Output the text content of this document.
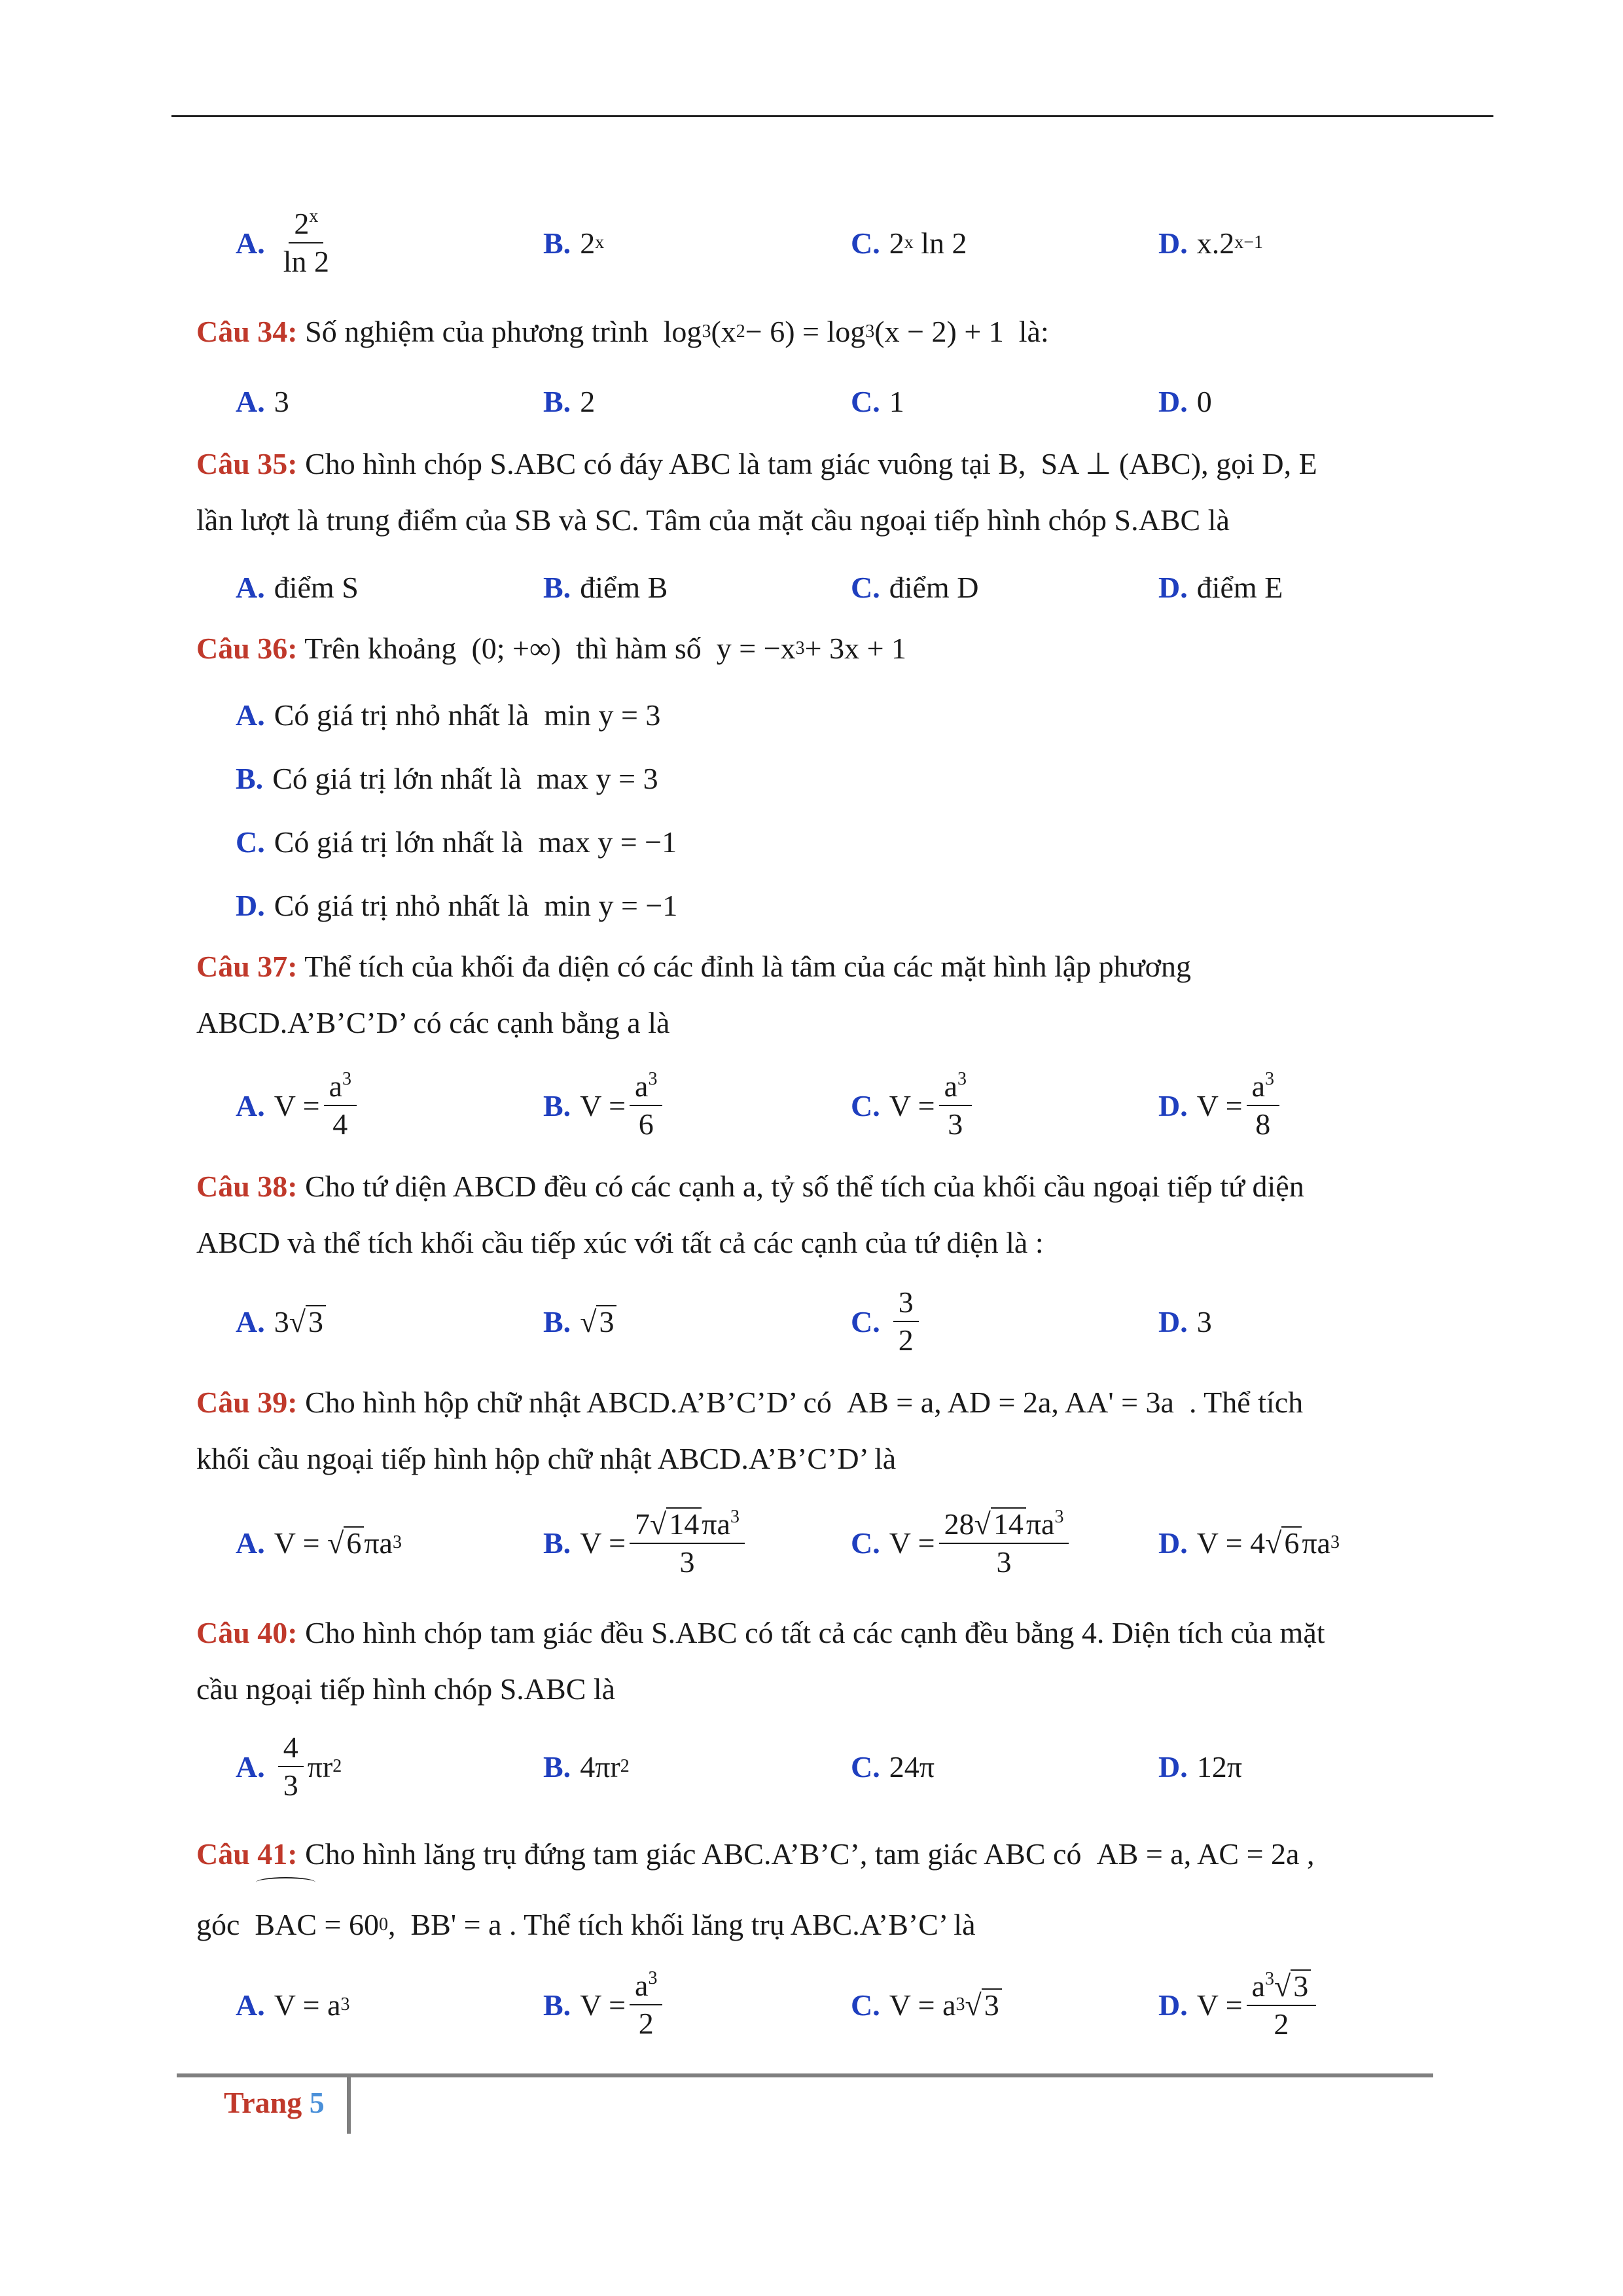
A. $\frac{2^x}{\ln 2}$	B. 2 x	C. 2 x ln 2	D. x.2 x−1
Câu 34: Số nghiệm của phương trình  log 3 (x 2 − 6) = log 3 (x − 2) + 1  là:
A. 3	B. 2	C. 1	D. 0
Câu 35: Cho hình chóp S.ABC có đáy ABC là tam giác vuông tại B,  SA ⊥ (ABC), gọi D, E
lần lượt là trung điểm của SB và SC. Tâm của mặt cầu ngoại tiếp hình chóp S.ABC là
A. điểm S	B. điểm B	C. điểm D	D. điểm E
Câu 36: Trên khoảng  (0; +∞)  thì hàm số  y = −x 3 + 3x + 1
A. Có giá trị nhỏ nhất là
min y = 3
B. Có giá trị lớn nhất là
max y = 3
C. Có giá trị lớn nhất là
max y = −1
D. Có giá trị nhỏ nhất là
min y = −1
Câu 37: Thể tích của khối đa diện có các đỉnh là tâm của các mặt hình lập phương
ABCD.A’B’C’D’ có các cạnh bằng a là
A. $V = \frac{a^3}{4}$	B. $V = \frac{a^3}{6}$	C. $V = \frac{a^3}{3}$	D. $V = \frac{a^3}{8}$
Câu 38: Cho tứ diện ABCD đều có các cạnh a, tỷ số thể tích của khối cầu ngoại tiếp tứ diện
ABCD và thể tích khối cầu tiếp xúc với tất cả các cạnh của tứ diện là :
A. 3√ 3	B. √ 3	C. $\frac{3}{2}$	D. 3
Câu 39: Cho hình hộp chữ nhật ABCD.A’B’C’D’ có  AB = a, AD = 2a, AA' = 3a  . Thể tích
khối cầu ngoại tiếp hình hộp chữ nhật ABCD.A’B’C’D’ là
A. V = √ 6 πa 3	B. $V = \frac{7√14\pi a^3}{3}$	C. $V = \frac{28√14\pi a^3}{3}$	D. V = 4√ 6 πa 3
Câu 40: Cho hình chóp tam giác đều S.ABC có tất cả các cạnh đều bằng 4. Diện tích của mặt
cầu ngoại tiếp hình chóp S.ABC là
A. $\frac{4}{3}$ πr 2	B. 4πr 2	C. 24π	D. 12π
Câu 41: Cho hình lăng trụ đứng tam giác ABC.A’B’C’, tam giác ABC có  AB = a, AC = 2a ,
góc BAC = 60 0 ,  BB' = a . Thể tích khối lăng trụ ABC.A’B’C’ là
A. V = a 3	B. $V = \frac{a^3}{2}$	C. V = a 3 √ 3	D. $V = \frac{a^3√3}{2}$
Trang 5
